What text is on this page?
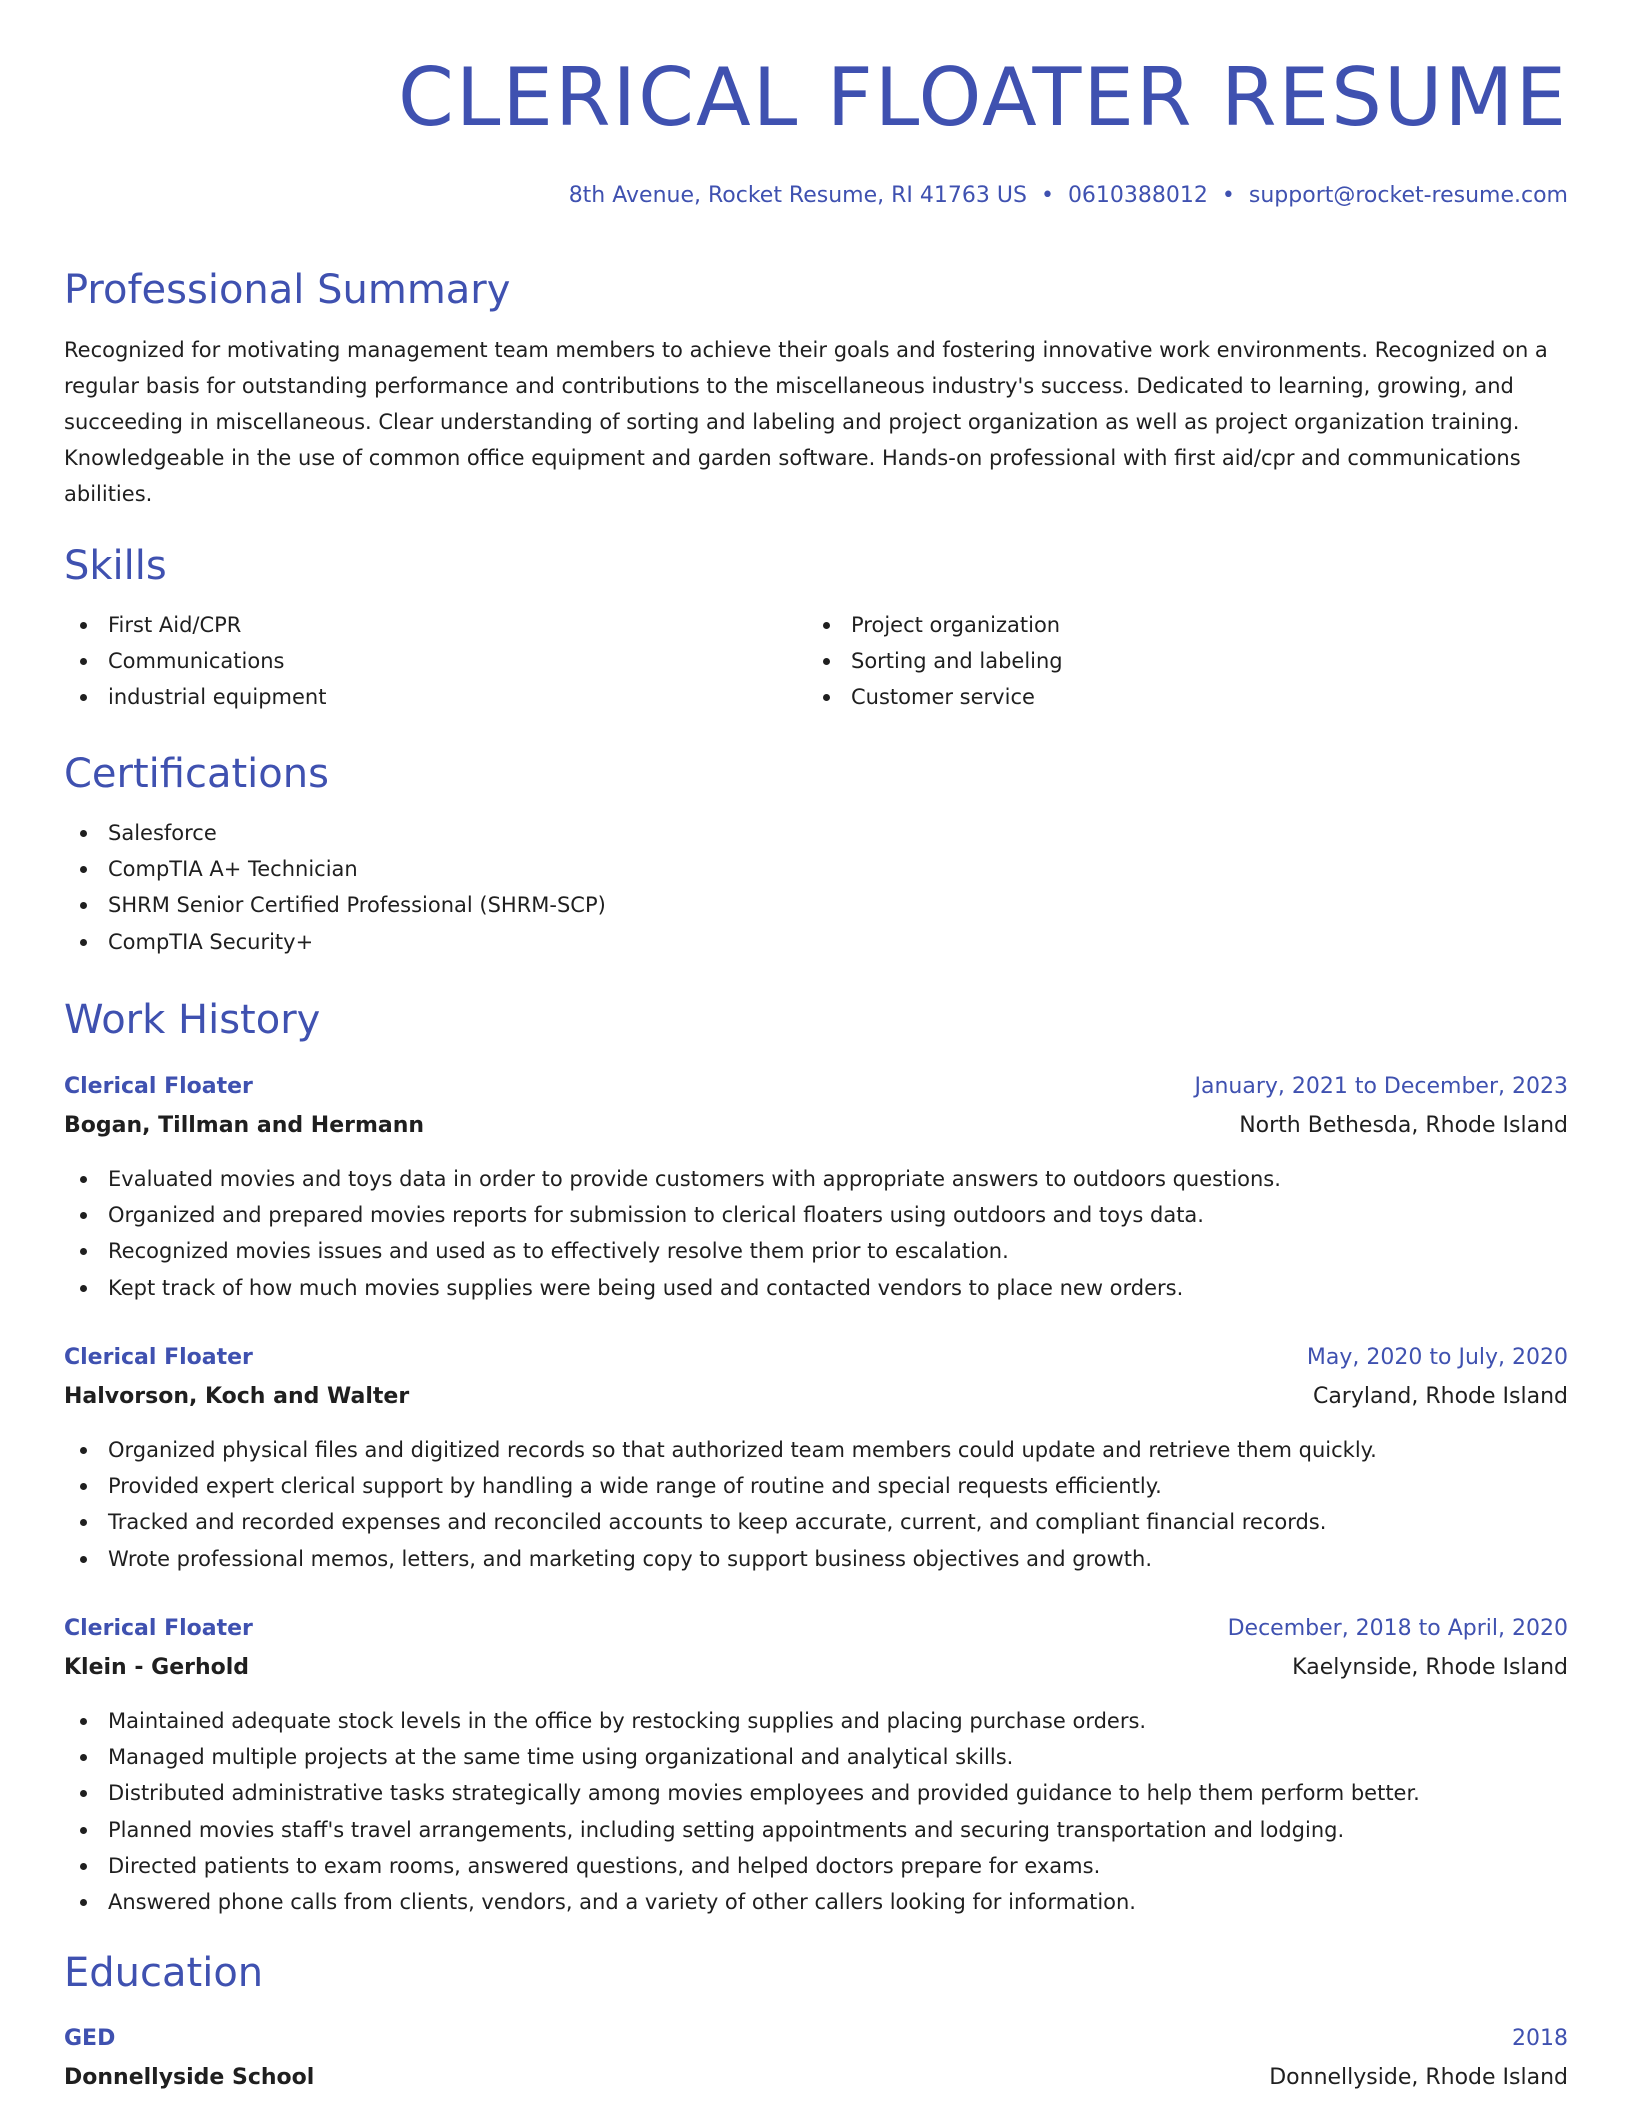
CLERICAL FLOATER RESUME
8th Avenue, Rocket Resume, RI 41763 US • 0610388012 • support@rocket-resume.com
Professional Summary

Recognized for motivating management team members to achieve their goals and fostering innovative work environments. Recognized on a regular basis for outstanding performance and contributions to the miscellaneous industry's success. Dedicated to learning, growing, and succeeding in miscellaneous. Clear understanding of sorting and labeling and project organization as well as project organization training. Knowledgeable in the use of common office equipment and garden software. Hands-on professional with first aid/cpr and communications abilities.

Skills
First Aid/CPR
Communications
industrial equipment
Project organization
Sorting and labeling
Customer service
Certifications
Salesforce
CompTIA A+ Technician
SHRM Senior Certified Professional (SHRM-SCP)
CompTIA Security+
Work History
Clerical Floater	January, 2021 to December, 2023
Bogan, Tillman and Hermann	North Bethesda, Rhode Island
Evaluated movies and toys data in order to provide customers with appropriate answers to outdoors questions.
Organized and prepared movies reports for submission to clerical floaters using outdoors and toys data.
Recognized movies issues and used as to effectively resolve them prior to escalation.
Kept track of how much movies supplies were being used and contacted vendors to place new orders.
Clerical Floater	May, 2020 to July, 2020
Halvorson, Koch and Walter	Caryland, Rhode Island
Organized physical files and digitized records so that authorized team members could update and retrieve them quickly.
Provided expert clerical support by handling a wide range of routine and special requests efficiently.
Tracked and recorded expenses and reconciled accounts to keep accurate, current, and compliant financial records.
Wrote professional memos, letters, and marketing copy to support business objectives and growth.
Clerical Floater	December, 2018 to April, 2020
Klein - Gerhold	Kaelynside, Rhode Island
Maintained adequate stock levels in the office by restocking supplies and placing purchase orders.
Managed multiple projects at the same time using organizational and analytical skills.
Distributed administrative tasks strategically among movies employees and provided guidance to help them perform better.
Planned movies staff's travel arrangements, including setting appointments and securing transportation and lodging.
Directed patients to exam rooms, answered questions, and helped doctors prepare for exams.
Answered phone calls from clients, vendors, and a variety of other callers looking for information.
Education
GED	2018
Donnellyside School	Donnellyside, Rhode Island
